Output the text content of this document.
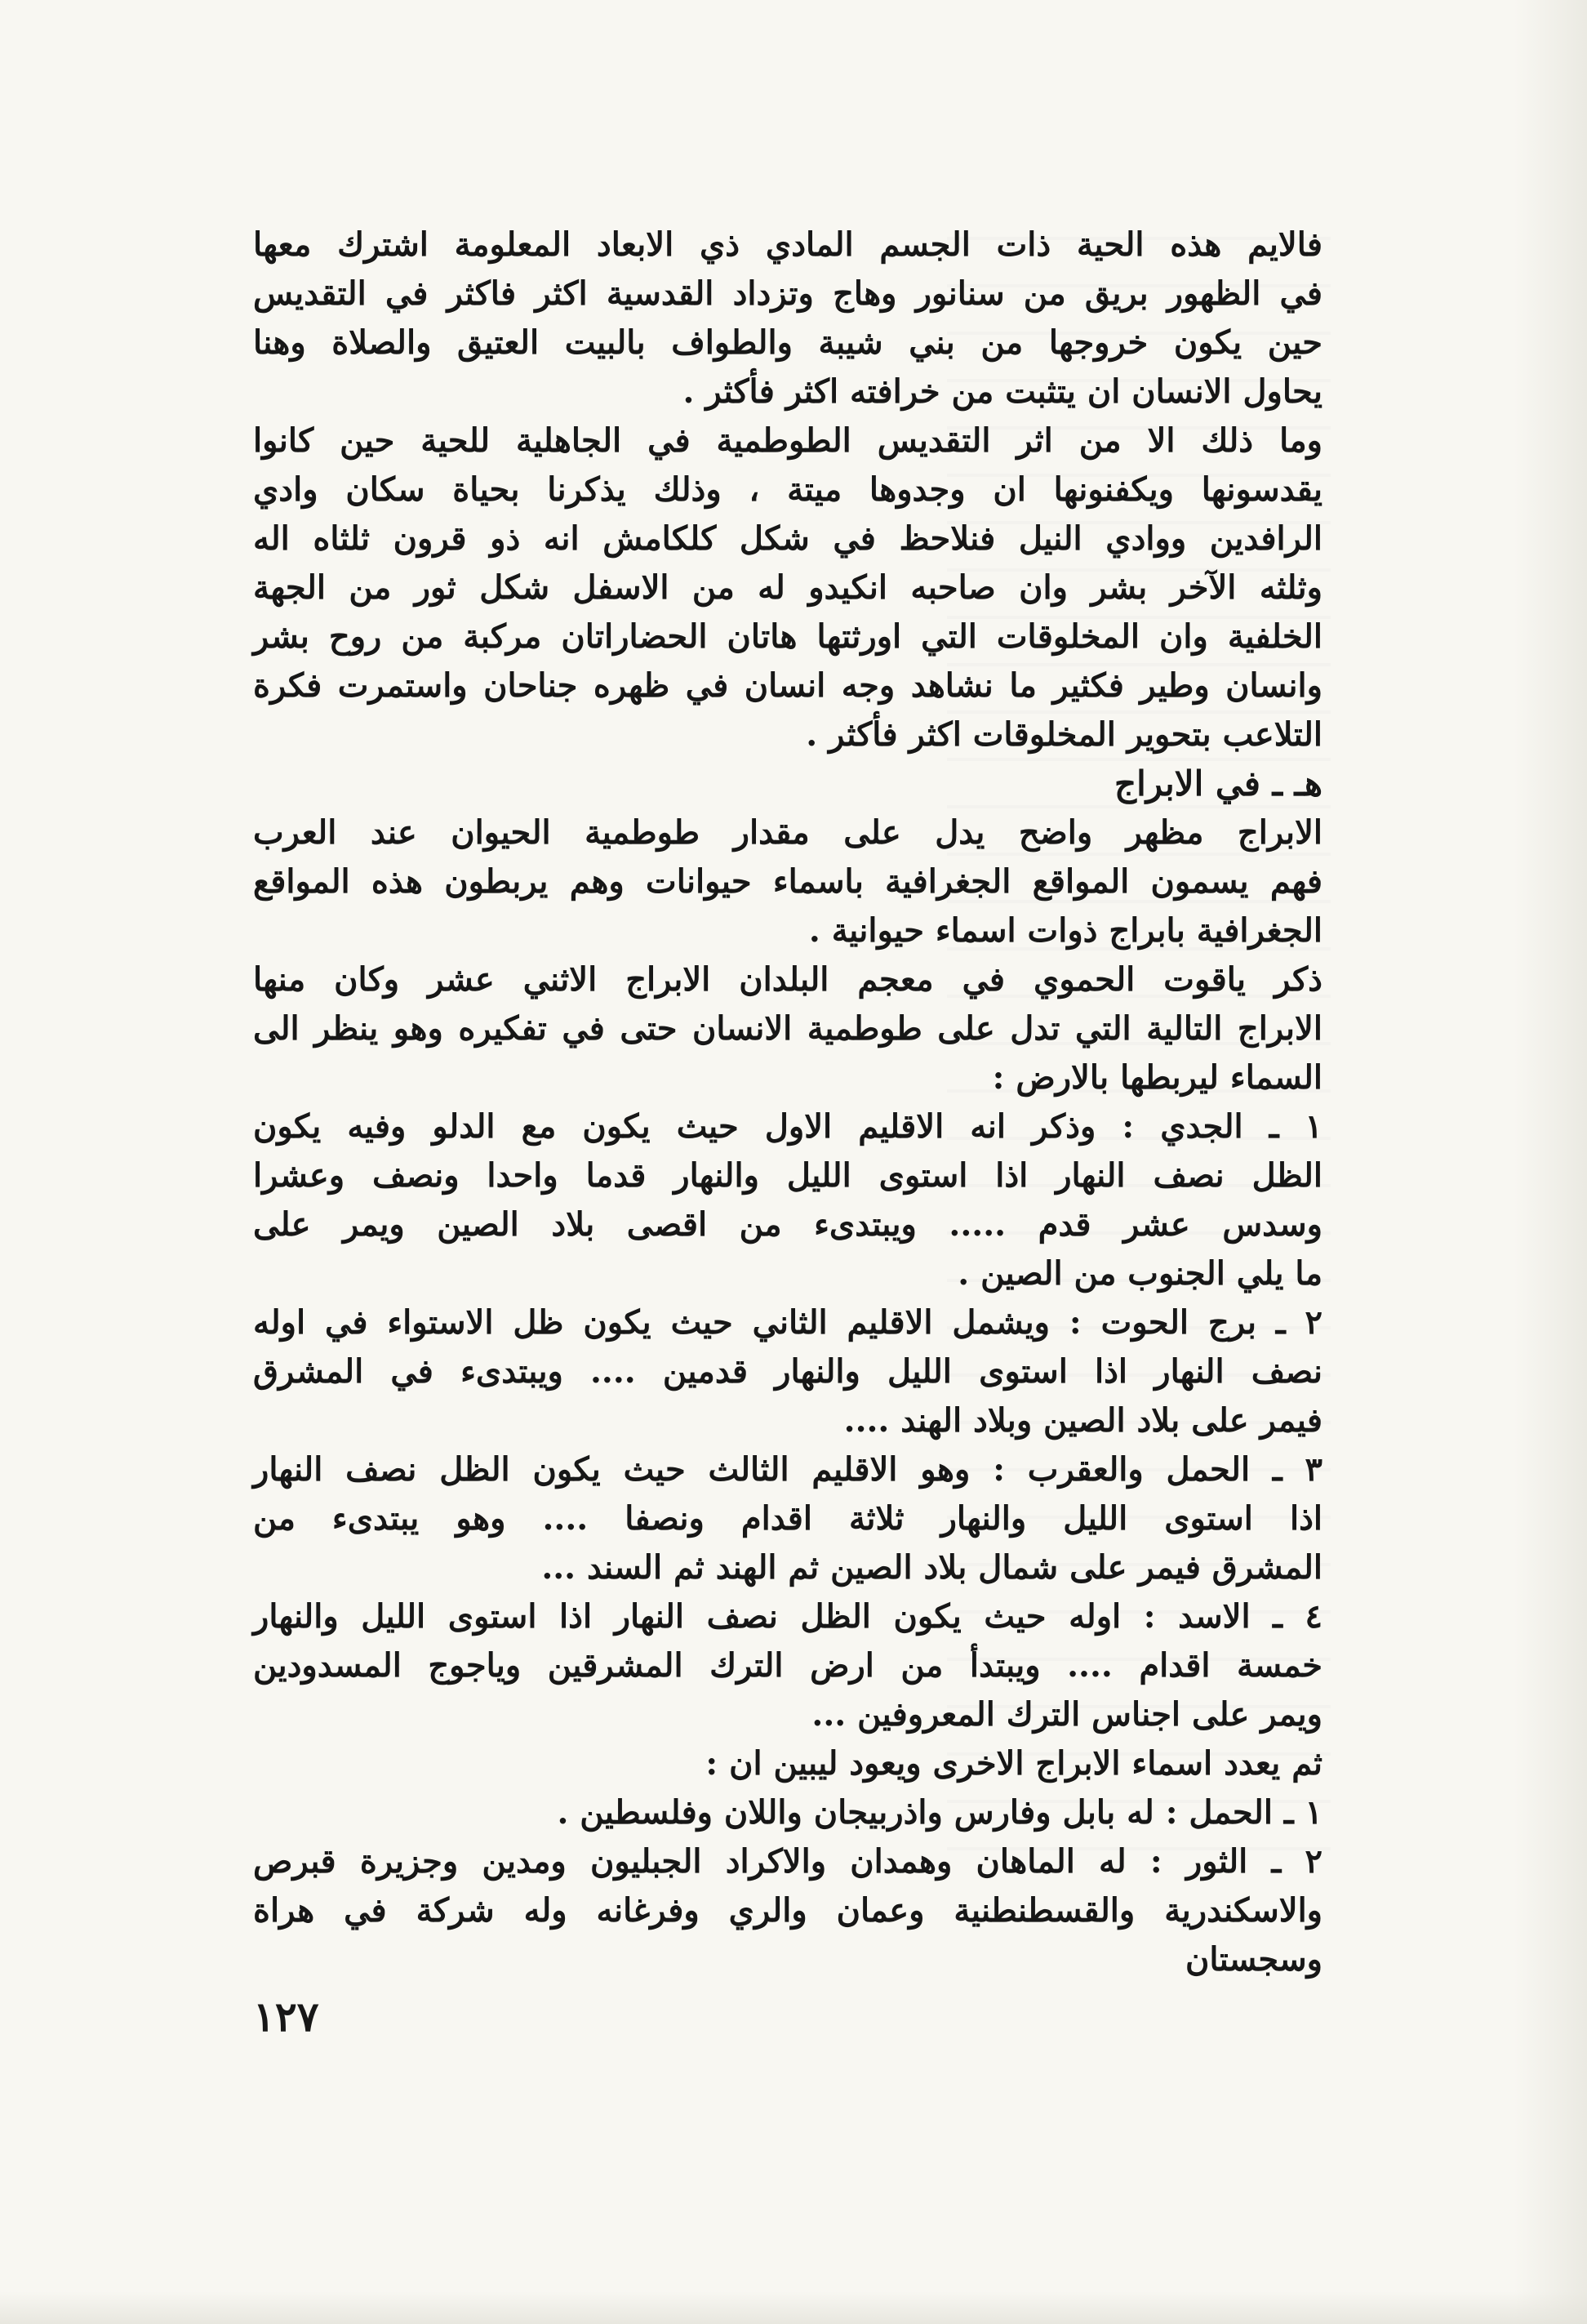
فالايم هذه الحية ذات الجسم المادي ذي الابعاد المعلومة اشترك معها
في الظهور بريق من سنانور وهاج وتزداد القدسية اكثر فاكثر في التقديس
حين يكون خروجها من بني شيبة والطواف بالبيت العتيق والصلاة وهنا
يحاول الانسان ان يتثبت من خرافته اكثر فأكثر .
وما ذلك الا من اثر التقديس الطوطمية في الجاهلية للحية حين كانوا
يقدسونها ويكفنونها ان وجدوها ميتة ، وذلك يذكرنا بحياة سكان وادي
الرافدين ووادي النيل فنلاحظ في شكل كلكامش انه ذو قرون ثلثاه اله
وثلثه الآخر بشر وان صاحبه انكيدو له من الاسفل شكل ثور من الجهة
الخلفية وان المخلوقات التي اورثتها هاتان الحضاراتان مركبة من روح بشر
وانسان وطير فكثير ما نشاهد وجه انسان في ظهره جناحان واستمرت فكرة
التلاعب بتحوير المخلوقات اكثر فأكثر .
هـ ـ في الابراج
الابراج مظهر واضح يدل على مقدار طوطمية الحيوان عند العرب
فهم يسمون المواقع الجغرافية باسماء حيوانات وهم يربطون هذه المواقع
الجغرافية بابراج ذوات اسماء حيوانية .
ذكر ياقوت الحموي في معجم البلدان الابراج الاثني عشر وكان منها
الابراج التالية التي تدل على طوطمية الانسان حتى في تفكيره وهو ينظر الى
السماء ليربطها بالارض :
١ ـ الجدي : وذكر انه الاقليم الاول حيث يكون مع الدلو وفيه يكون
الظل نصف النهار اذا استوى الليل والنهار قدما واحدا ونصف وعشرا
وسدس عشر قدم ..... ويبتدىء من اقصى بلاد الصين ويمر على
ما يلي الجنوب من الصين .
٢ ـ برج الحوت : ويشمل الاقليم الثاني حيث يكون ظل الاستواء في اوله
نصف النهار اذا استوى الليل والنهار قدمين .... ويبتدىء في المشرق
فيمر على بلاد الصين وبلاد الهند ....
٣ ـ الحمل والعقرب : وهو الاقليم الثالث حيث يكون الظل نصف النهار
اذا استوى الليل والنهار ثلاثة اقدام ونصفا .... وهو يبتدىء من
المشرق فيمر على شمال بلاد الصين ثم الهند ثم السند ...
٤ ـ الاسد : اوله حيث يكون الظل نصف النهار اذا استوى الليل والنهار
خمسة اقدام .... ويبتدأ من ارض الترك المشرقين وياجوج المسدودين
ويمر على اجناس الترك المعروفين ...
ثم يعدد اسماء الابراج الاخرى ويعود ليبين ان :
١ ـ الحمل : له بابل وفارس واذربيجان واللان وفلسطين .
٢ ـ الثور : له الماهان وهمدان والاكراد الجبليون ومدين وجزيرة قبرص
والاسكندرية والقسطنطنية وعمان والري وفرغانه وله شركة في هراة
وسجستان
١٢٧
